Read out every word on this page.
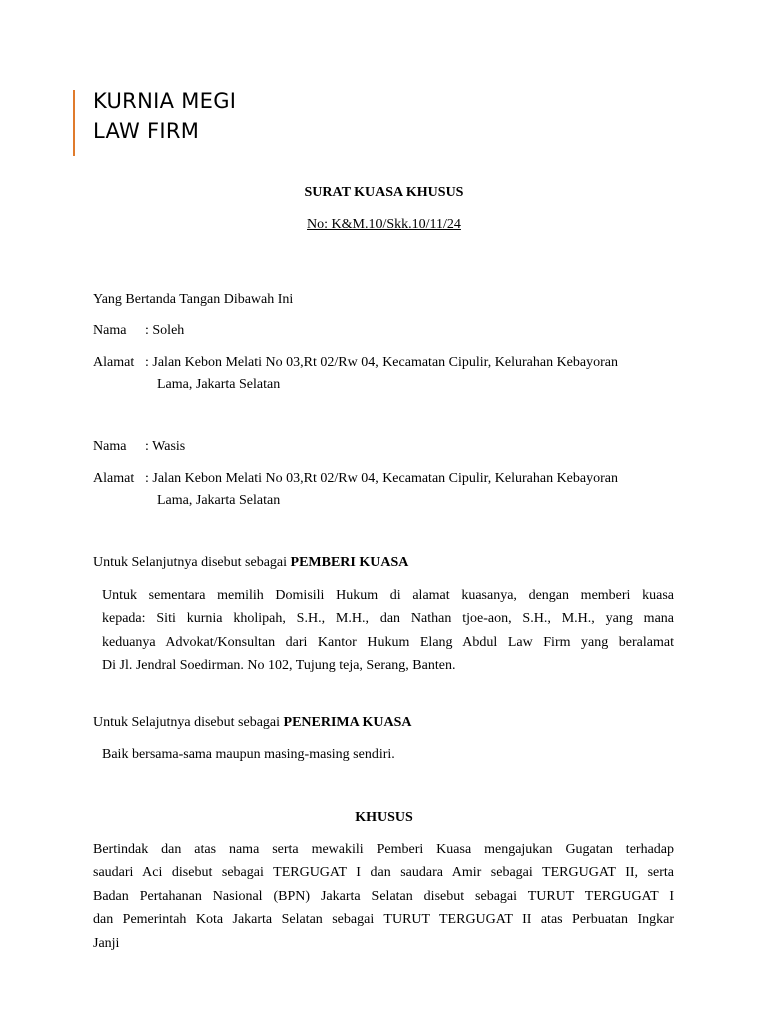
KURNIA MEGI
LAW FIRM
SURAT KUASA KHUSUS
No: K&M.10/Skk.10/11/24
Yang Bertanda Tangan Dibawah Ini
Nama : Soleh
Alamat : Jalan Kebon Melati No 03,Rt 02/Rw 04, Kecamatan Cipulir, Kelurahan Kebayoran
Lama, Jakarta Selatan
Nama : Wasis
Alamat : Jalan Kebon Melati No 03,Rt 02/Rw 04, Kecamatan Cipulir, Kelurahan Kebayoran
Lama, Jakarta Selatan
Untuk Selanjutnya disebut sebagai PEMBERI KUASA
Untuk sementara memilih Domisili Hukum di alamat kuasanya, dengan memberi kuasa
kepada: Siti kurnia kholipah, S.H., M.H., dan Nathan tjoe-aon, S.H., M.H., yang mana
keduanya Advokat/Konsultan dari Kantor Hukum Elang Abdul Law Firm yang beralamat
Di Jl. Jendral Soedirman. No 102, Tujung teja, Serang, Banten.
Untuk Selajutnya disebut sebagai PENERIMA KUASA
Baik bersama-sama maupun masing-masing sendiri.
KHUSUS
Bertindak dan atas nama serta mewakili Pemberi Kuasa mengajukan Gugatan terhadap
saudari Aci disebut sebagai TERGUGAT I dan saudara Amir sebagai TERGUGAT II, serta
Badan Pertahanan Nasional (BPN) Jakarta Selatan disebut sebagai TURUT TERGUGAT I
dan Pemerintah Kota Jakarta Selatan sebagai TURUT TERGUGAT II atas Perbuatan Ingkar
Janji
